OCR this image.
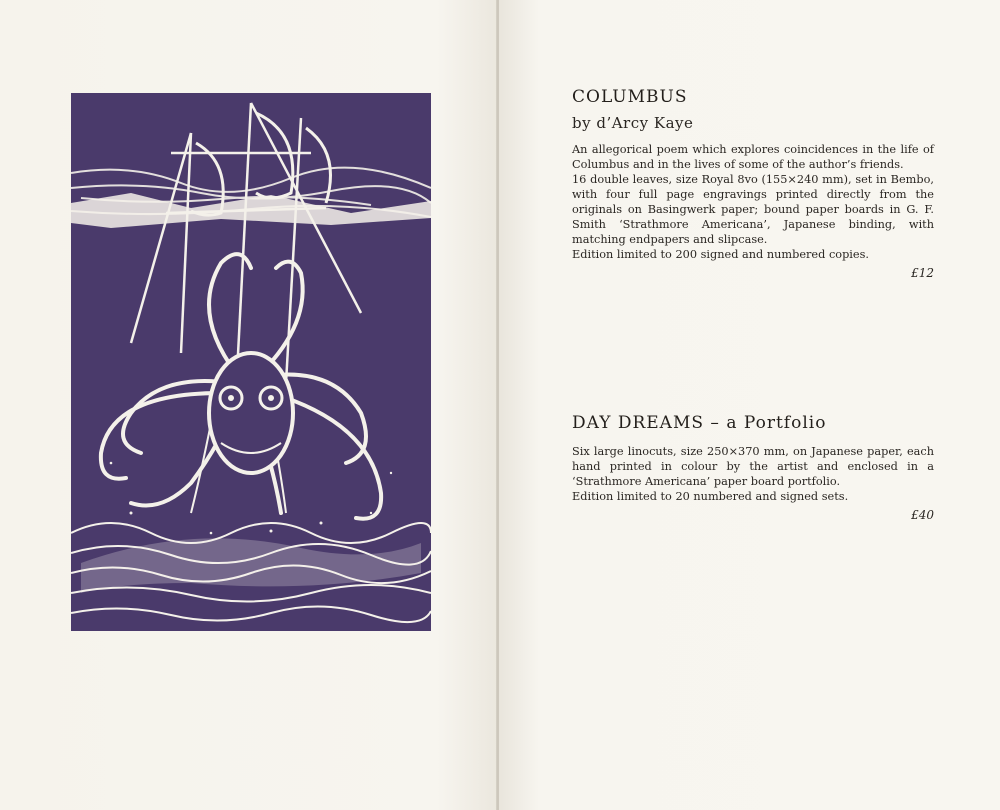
COLUMBUS
by d’Arcy Kaye

An allegorical poem which explores coincidences in the life of Columbus and in the lives of some of the author’s friends.

16 double leaves, size Royal 8vo (155×240 mm), set in Bembo, with four full page engravings printed directly from the originals on Basingwerk paper; bound paper boards in G. F. Smith ‘Strathmore Americana’, Japanese binding, with matching endpapers and slipcase.

Edition limited to 200 signed and numbered copies.

£12
DAY DREAMS – a Portfolio

Six large linocuts, size 250×370 mm, on Japanese paper, each hand printed in colour by the artist and enclosed in a ‘Strathmore Americana’ paper board portfolio.

Edition limited to 20 numbered and signed sets.

£40
